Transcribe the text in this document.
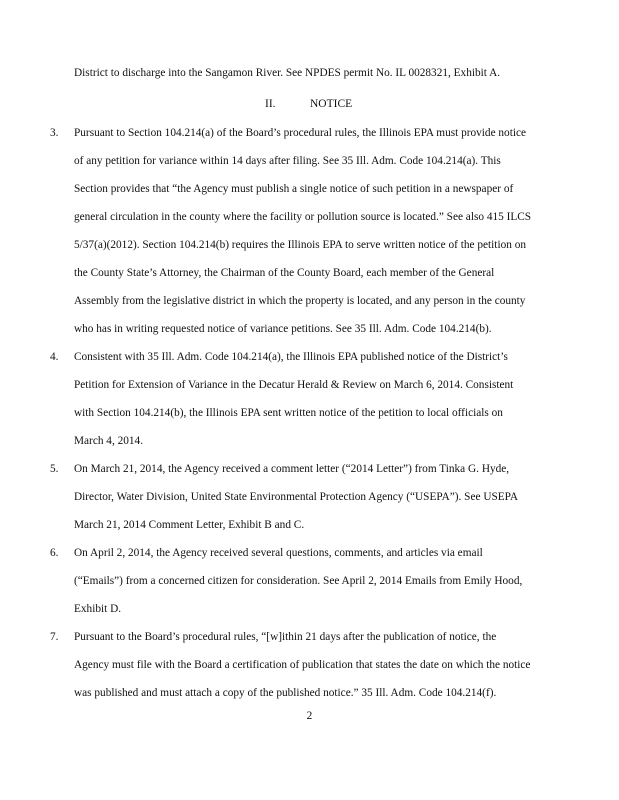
District to discharge into the Sangamon River. See NPDES permit No. IL 0028321, Exhibit A.
II.	NOTICE
3. Pursuant to Section 104.214(a) of the Board’s procedural rules, the Illinois EPA must provide notice
of any petition for variance within 14 days after filing. See 35 Ill. Adm. Code 104.214(a). This
Section provides that “the Agency must publish a single notice of such petition in a newspaper of
general circulation in the county where the facility or pollution source is located.” See also 415 ILCS
5/37(a)(2012). Section 104.214(b) requires the Illinois EPA to serve written notice of the petition on
the County State’s Attorney, the Chairman of the County Board, each member of the General
Assembly from the legislative district in which the property is located, and any person in the county
who has in writing requested notice of variance petitions. See 35 Ill. Adm. Code 104.214(b).
4. Consistent with 35 Ill. Adm. Code 104.214(a), the Illinois EPA published notice of the District’s
Petition for Extension of Variance in the Decatur Herald & Review on March 6, 2014. Consistent
with Section 104.214(b), the Illinois EPA sent written notice of the petition to local officials on
March 4, 2014.
5. On March 21, 2014, the Agency received a comment letter (“2014 Letter”) from Tinka G. Hyde,
Director, Water Division, United State Environmental Protection Agency (“USEPA”). See USEPA
March 21, 2014 Comment Letter, Exhibit B and C.
6. On April 2, 2014, the Agency received several questions, comments, and articles via email
(“Emails”) from a concerned citizen for consideration. See April 2, 2014 Emails from Emily Hood,
Exhibit D.
7. Pursuant to the Board’s procedural rules, “[w]ithin 21 days after the publication of notice, the
Agency must file with the Board a certification of publication that states the date on which the notice
was published and must attach a copy of the published notice.” 35 Ill. Adm. Code 104.214(f).
2
